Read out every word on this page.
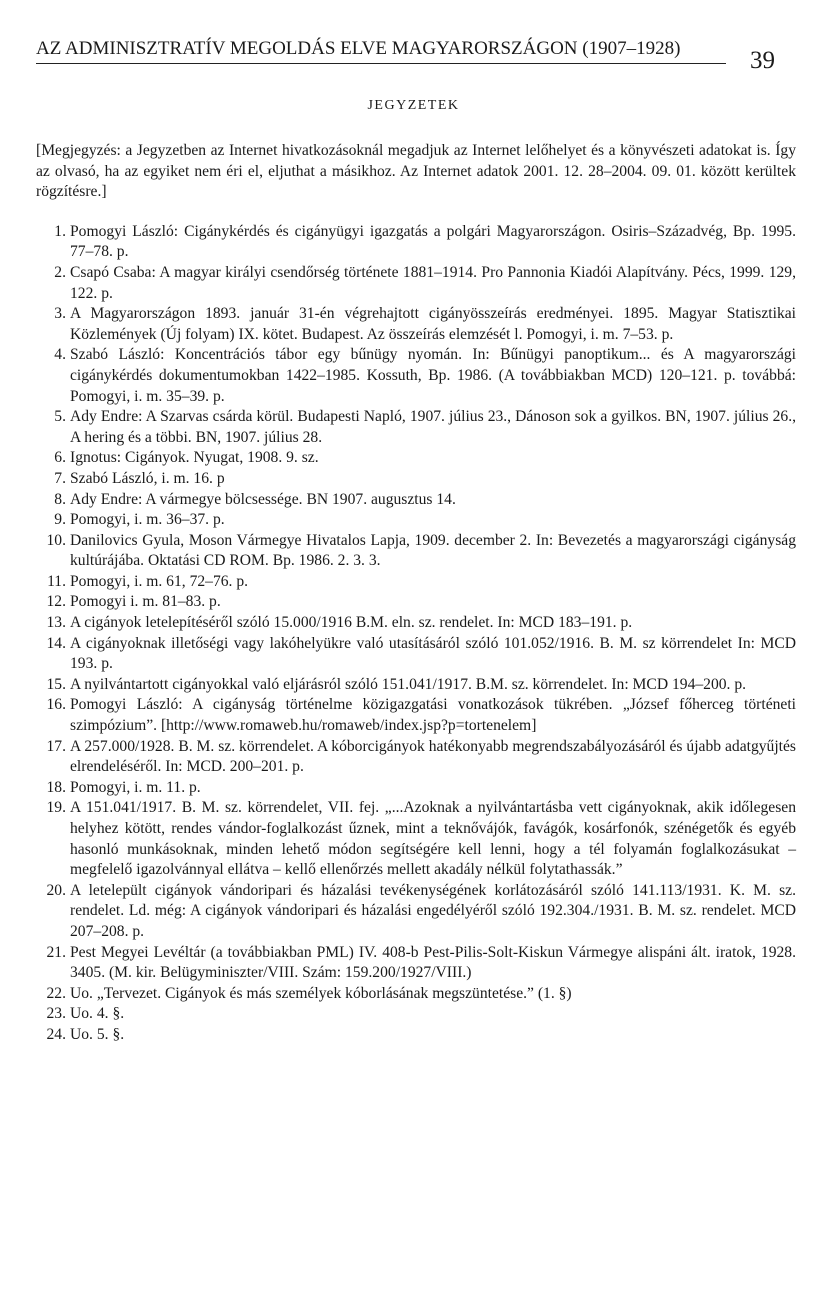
AZ ADMINISZTRATÍV MEGOLDÁS ELVE MAGYARORSZÁGON (1907–1928)	39
JEGYZETEK

[Megjegyzés: a Jegyzetben az Internet hivatkozásoknál megadjuk az Internet lelőhelyet és a könyvészeti adatokat is. Így az olvasó, ha az egyiket nem éri el, eljuthat a másikhoz. Az Internet adatok 2001. 12. 28–2004. 09. 01. között kerültek rögzítésre.]

1. Pomogyi László: Cigánykérdés és cigányügyi igazgatás a polgári Magyarországon. Osiris–Századvég, Bp. 1995. 77–78. p.
2. Csapó Csaba: A magyar királyi csendőrség története 1881–1914. Pro Pannonia Kiadói Alapítvány. Pécs, 1999. 129, 122. p.
3. A Magyarországon 1893. január 31-én végrehajtott cigányösszeírás eredményei. 1895. Magyar Statisztikai Közlemények (Új folyam) IX. kötet. Budapest. Az összeírás elemzését l. Pomogyi, i. m. 7–53. p.
4. Szabó László: Koncentrációs tábor egy bűnügy nyomán. In: Bűnügyi panoptikum... és A magyarországi cigánykérdés dokumentumokban 1422–1985. Kossuth, Bp. 1986. (A továbbiakban MCD) 120–121. p. továbbá: Pomogyi, i. m. 35–39. p.
5. Ady Endre: A Szarvas csárda körül. Budapesti Napló, 1907. július 23., Dánoson sok a gyilkos. BN, 1907. július 26., A hering és a többi. BN, 1907. július 28.
6. Ignotus: Cigányok. Nyugat, 1908. 9. sz.
7. Szabó László, i. m. 16. p
8. Ady Endre: A vármegye bölcsessége. BN 1907. augusztus 14.
9. Pomogyi, i. m. 36–37. p.
10. Danilovics Gyula, Moson Vármegye Hivatalos Lapja, 1909. december 2. In: Bevezetés a magyarországi cigányság kultúrájába. Oktatási CD ROM. Bp. 1986. 2. 3. 3.
11. Pomogyi, i. m. 61, 72–76. p.
12. Pomogyi i. m. 81–83. p.
13. A cigányok letelepítéséről szóló 15.000/1916 B.M. eln. sz. rendelet. In: MCD 183–191. p.
14. A cigányoknak illetőségi vagy lakóhelyükre való utasításáról szóló 101.052/1916. B. M. sz körrendelet In: MCD 193. p.
15. A nyilvántartott cigányokkal való eljárásról szóló 151.041/1917. B.M. sz. körrendelet. In: MCD 194–200. p.
16. Pomogyi László: A cigányság történelme közigazgatási vonatkozások tükrében. „József főherceg történeti szimpózium”. [http://www.romaweb.hu/romaweb/index.jsp?p=tortenelem]
17. A 257.000/1928. B. M. sz. körrendelet. A kóborcigányok hatékonyabb megrendszabályozásáról és újabb adatgyűjtés elrendeléséről. In: MCD. 200–201. p.
18. Pomogyi, i. m. 11. p.
19. A 151.041/1917. B. M. sz. körrendelet, VII. fej. „...Azoknak a nyilvántartásba vett cigányoknak, akik időlegesen helyhez kötött, rendes vándor-foglalkozást űznek, mint a teknővájók, favágók, kosárfonók, szénégetők és egyéb hasonló munkásoknak, minden lehető módon segítségére kell lenni, hogy a tél folyamán foglalkozásukat – megfelelő igazolvánnyal ellátva – kellő ellenőrzés mellett akadály nélkül folytathassák.”
20. A letelepült cigányok vándoripari és házalási tevékenységének korlátozásáról szóló 141.113/1931. K. M. sz. rendelet. Ld. még: A cigányok vándoripari és házalási engedélyéről szóló 192.304./1931. B. M. sz. rendelet. MCD 207–208. p.
21. Pest Megyei Levéltár (a továbbiakban PML) IV. 408-b Pest-Pilis-Solt-Kiskun Vármegye alispáni ált. iratok, 1928. 3405. (M. kir. Belügyminiszter/VIII. Szám: 159.200/1927/VIII.)
22. Uo. „Tervezet. Cigányok és más személyek kóborlásának megszüntetése.” (1. §)
23. Uo. 4. §.
24. Uo. 5. §.
